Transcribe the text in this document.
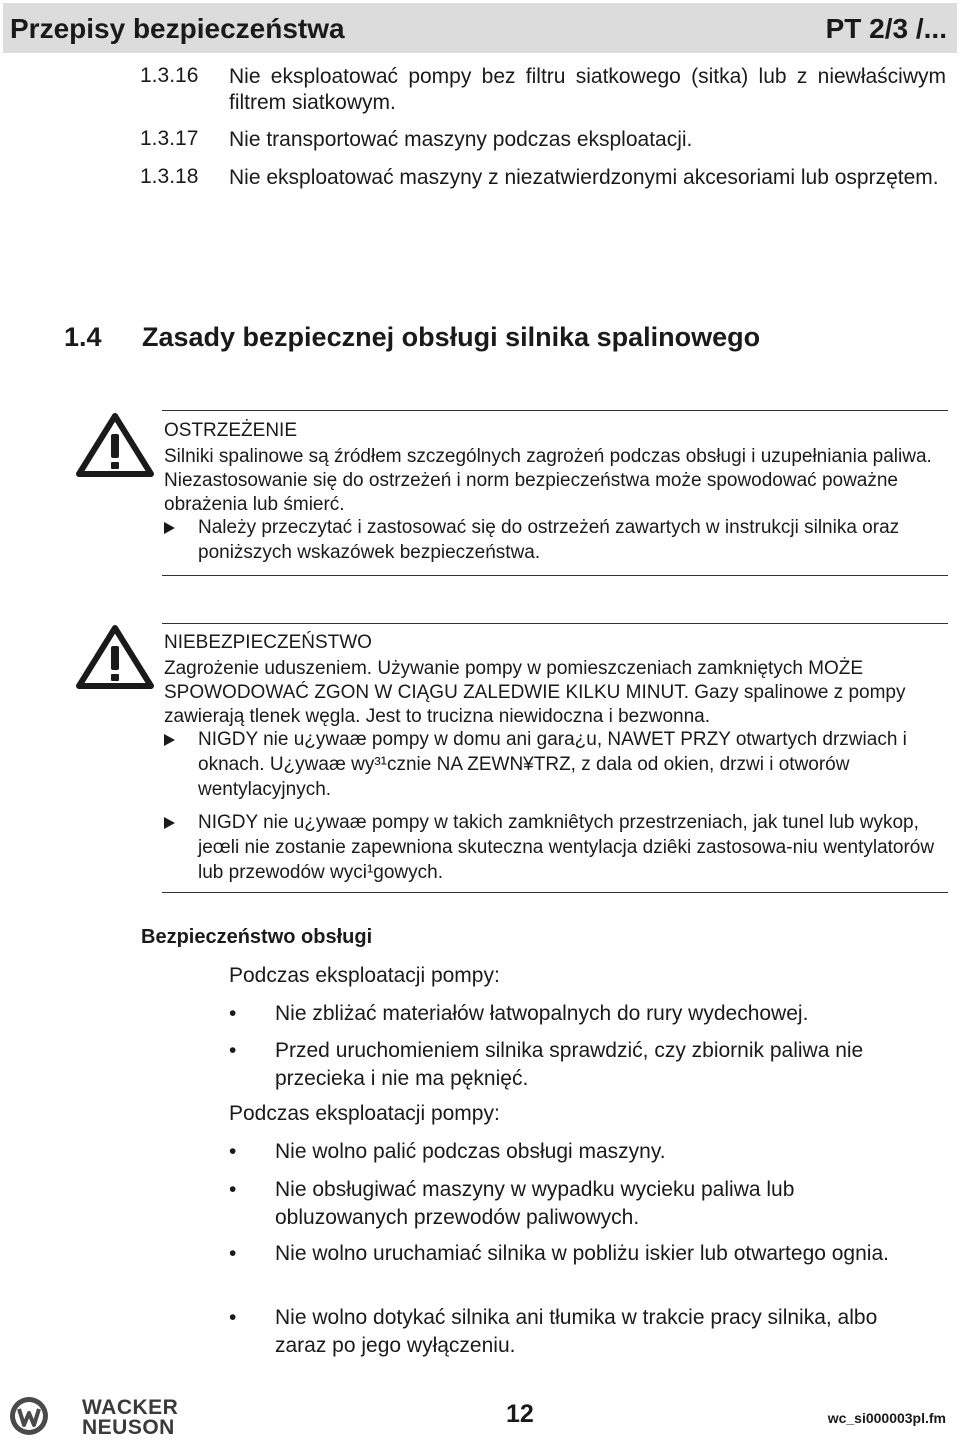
Przepisy bezpieczeństwa	PT 2/3 /...
1.3.16 Nie eksploatować pompy bez filtru siatkowego (sitka) lub z niewłaściwym filtrem siatkowym.
1.3.17 Nie transportować maszyny podczas eksploatacji.
1.3.18 Nie eksploatować maszyny z niezatwierdzonymi akcesoriami lub osprzętem.
1.4 Zasady bezpiecznej obsługi silnika spalinowego
OSTRZEŻENIE
Silniki spalinowe są źródłem szczególnych zagrożeń podczas obsługi i uzupełniania paliwa. Niezastosowanie się do ostrzeżeń i norm bezpieczeństwa może spowodować poważne obrażenia lub śmierć.
Należy przeczytać i zastosować się do ostrzeżeń zawartych w instrukcji silnika oraz poniższych wskazówek bezpieczeństwa.
NIEBEZPIECZEŃSTWO
Zagrożenie uduszeniem. Używanie pompy w pomieszczeniach zamkniętych MOŻE SPOWODOWAĆ ZGON W CIĄGU ZALEDWIE KILKU MINUT. Gazy spalinowe z pompy zawierają tlenek węgla. Jest to trucizna niewidoczna i bezwonna.
NIGDY nie u¿ywaæ pompy w domu ani gara¿u, NAWET PRZY otwartych drzwiach i oknach. U¿ywaæ wy³¹cznie NA ZEWN¥TRZ, z dala od okien, drzwi i otworów wentylacyjnych.
NIGDY nie u¿ywaæ pompy w takich zamkniêtych przestrzeniach, jak tunel lub wykop, jeœli nie zostanie zapewniona skuteczna wentylacja dziêki zastosowa-niu wentylatorów lub przewodów wyci¹gowych.
Bezpieczeństwo obsługi
Podczas eksploatacji pompy:
• Nie zbliżać materiałów łatwopalnych do rury wydechowej.
• Przed uruchomieniem silnika sprawdzić, czy zbiornik paliwa nie przecieka i nie ma pęknięć.
Podczas eksploatacji pompy:
• Nie wolno palić podczas obsługi maszyny.
• Nie obsługiwać maszyny w wypadku wycieku paliwa lub obluzowanych przewodów paliwowych.
• Nie wolno uruchamiać silnika w pobliżu iskier lub otwartego ognia.
• Nie wolno dotykać silnika ani tłumika w trakcie pracy silnika, albo zaraz po jego wyłączeniu.
WACKER
NEUSON	12	wc_si000003pl.fm
